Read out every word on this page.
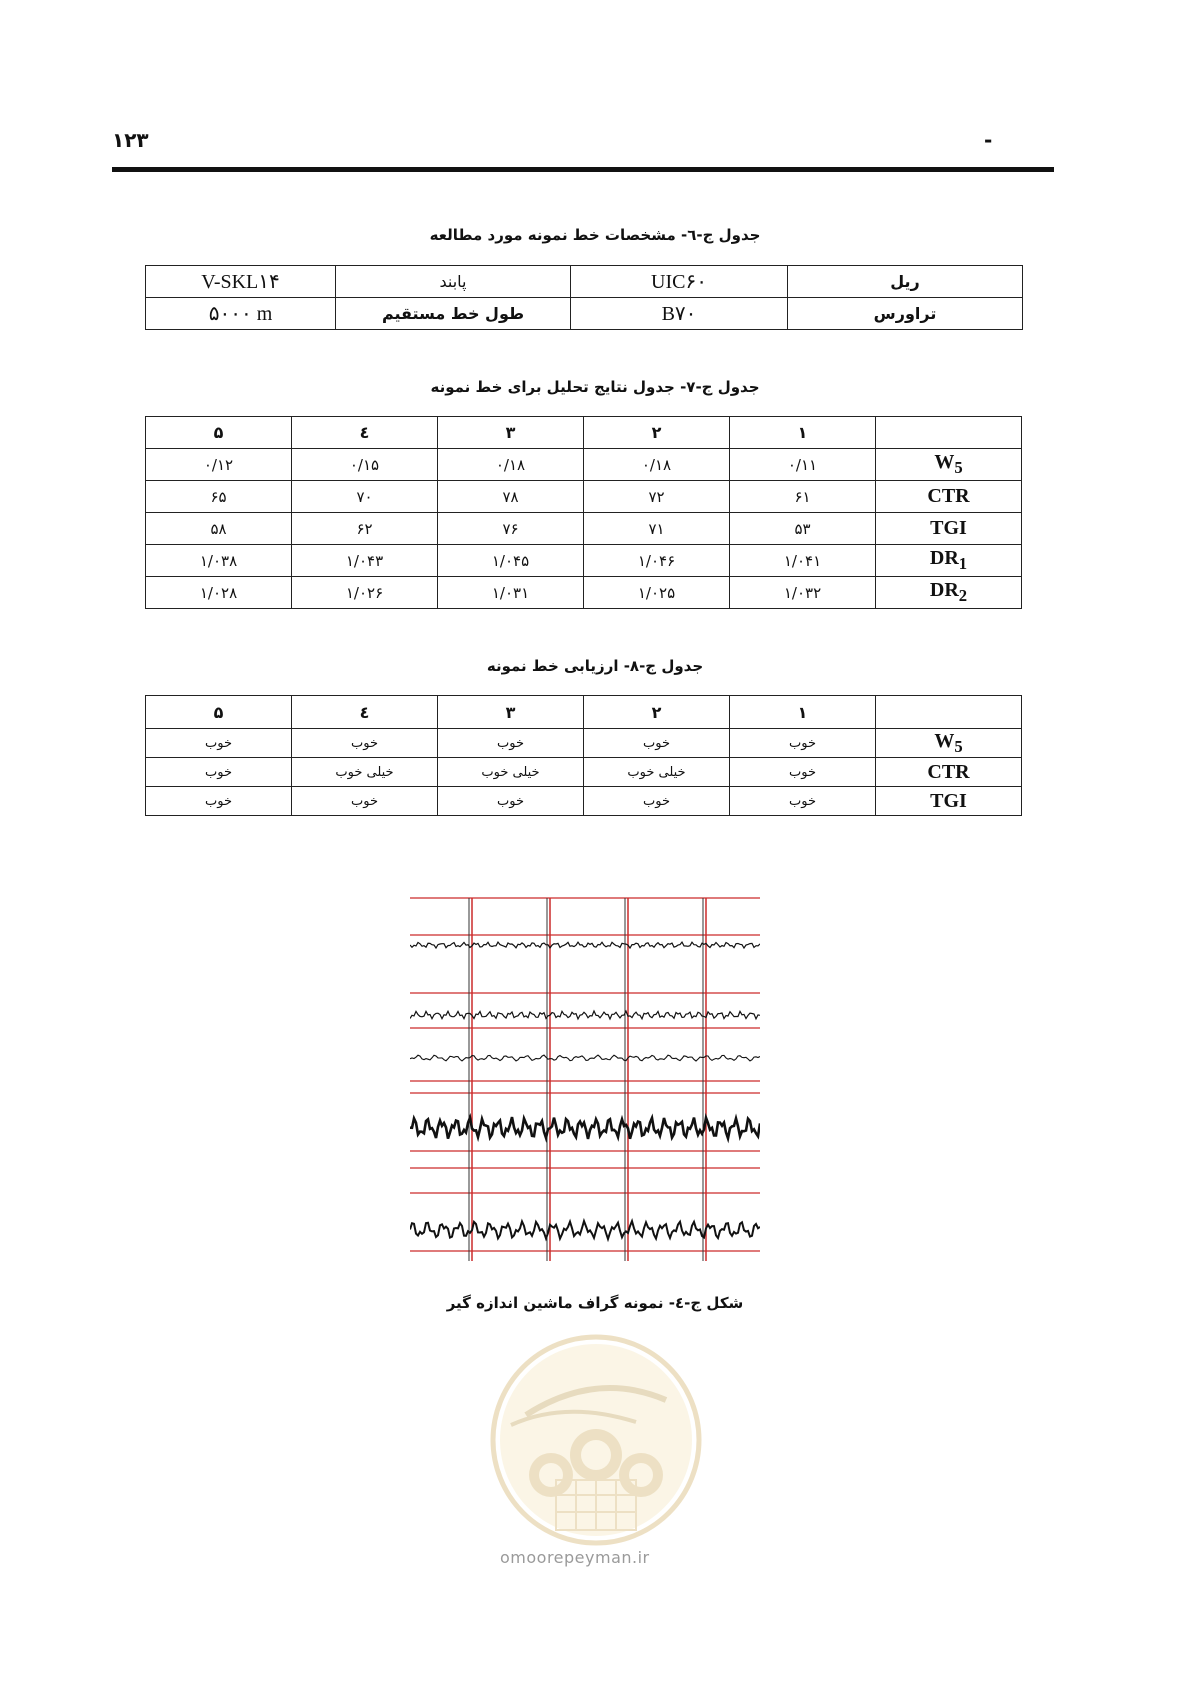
۱۲۳	-
جدول ج-٦- مشخصات خط نمونه مورد مطالعه
V-SKL۱۴	پابند	UIC۶۰	ریل
۵۰۰۰ m	طول خط مستقیم	B۷۰	تراورس
جدول ج-۷- جدول نتایج تحلیل برای خط نمونه
۵	٤	۳	۲	۱	
۰/۱۲	۰/۱۵	۰/۱۸	۰/۱۸	۰/۱۱	$W_5$
۶۵	۷۰	۷۸	۷۲	۶۱	CTR
۵۸	۶۲	۷۶	۷۱	۵۳	TGI
۱/۰۳۸	۱/۰۴۳	۱/۰۴۵	۱/۰۴۶	۱/۰۴۱	$DR_1$
۱/۰۲۸	۱/۰۲۶	۱/۰۳۱	۱/۰۲۵	۱/۰۳۲	$DR_2$
جدول ج-۸- ارزیابی خط نمونه
۵	٤	۳	۲	۱	
خوب	خوب	خوب	خوب	خوب	$W_5$
خوب	خیلی خوب	خیلی خوب	خیلی خوب	خوب	CTR
خوب	خوب	خوب	خوب	خوب	TGI
شکل ج-٤- نمونه گراف ماشین اندازه گیر
omoorepeyman.ir
